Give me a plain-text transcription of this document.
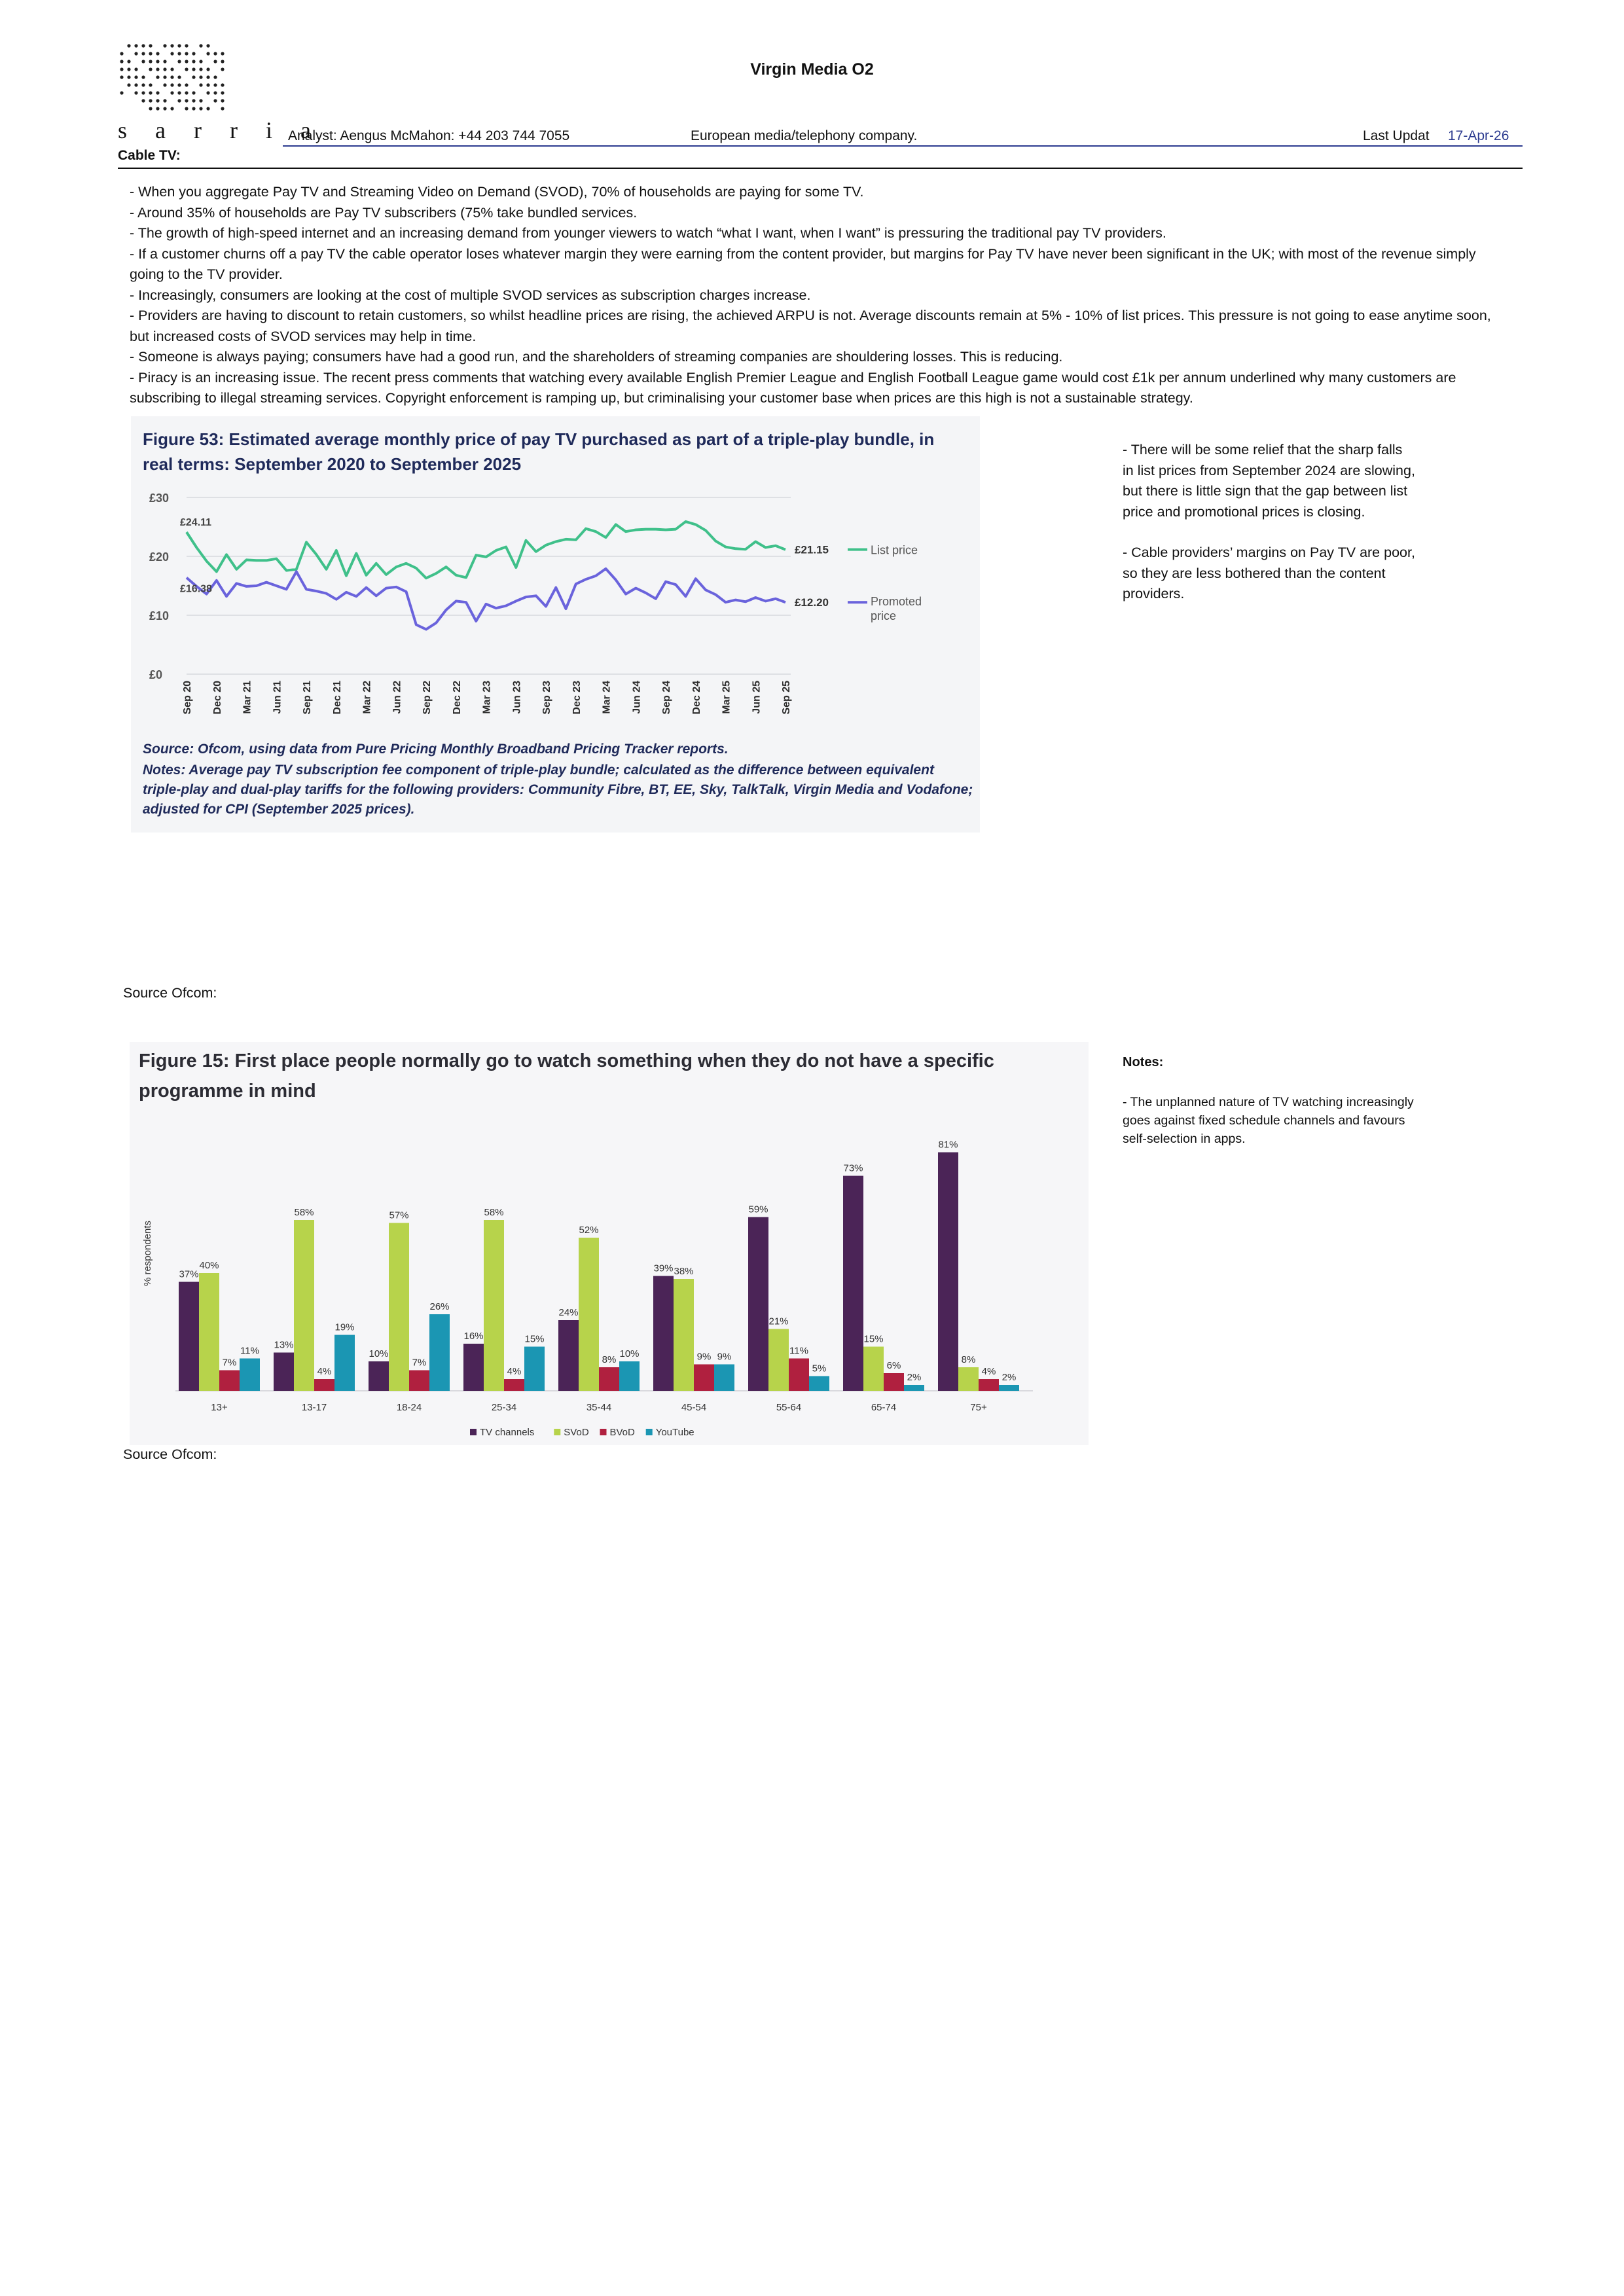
s a r r i a
Virgin Media O2
Analyst: Aengus McMahon: +44 203 744 7055	European media/telephony company.	Last Updat 17-Apr-26
Cable TV:

- When you aggregate Pay TV and Streaming Video on Demand (SVOD), 70% of households are paying for some TV.

- Around 35% of households are Pay TV subscribers (75% take bundled services.

- The growth of high-speed internet and an increasing demand from younger viewers to watch “what I want, when I want” is pressuring the traditional pay TV providers.

- If a customer churns off a pay TV the cable operator loses whatever margin they were earning from the content provider, but margins for Pay TV have never been significant in the UK; with most of the revenue simply going to the TV provider.

- Increasingly, consumers are looking at the cost of multiple SVOD services as subscription charges increase.

- Providers are having to discount to retain customers, so whilst headline prices are rising, the achieved ARPU is not. Average discounts remain at 5% - 10% of list prices. This pressure is not going to ease anytime soon, but increased costs of SVOD services may help in time.

- Someone is always paying; consumers have had a good run, and the shareholders of streaming companies are shouldering losses. This is reducing.

- Piracy is an increasing issue. The recent press comments that watching every available English Premier League and English Football League game would cost £1k per annum underlined why many customers are subscribing to illegal streaming services. Copyright enforcement is ramping up, but criminalising your customer base when prices are this high is not a sustainable strategy.

Figure 53: Estimated average monthly price of pay TV purchased as part of a triple-play bundle, in real terms: September 2020 to September 2025
£0
£10
£20
£30
Sep 20 Dec 20 Mar 21 Jun 21 Sep 21 Dec 21 Mar 22 Jun 22 Sep 22 Dec 22 Mar 23 Jun 23 Sep 23 Dec 23 Mar 24 Jun 24 Sep 24 Dec 24 Mar 25 Jun 25 Sep 25
£24.11
£21.15	List price
£16.38
£12.20	Promoted
price
Source: Ofcom, using data from Pure Pricing Monthly Broadband Pricing Tracker reports.
Notes: Average pay TV subscription fee component of triple-play bundle; calculated as the difference between equivalent triple-play and dual-play tariffs for the following providers: Community Fibre, BT, EE, Sky, TalkTalk, Virgin Media and Vodafone; adjusted for CPI (September 2025 prices).

- There will be some relief that the sharp falls in list prices from September 2024 are slowing, but there is little sign that the gap between list price and promotional prices is closing.

- Cable providers’ margins on Pay TV are poor, so they are less bothered than the content providers.

Source Ofcom:
Figure 15: First place people normally go to watch something when they do not have a specific programme in mind
% respondents	37%
40%
7%
11%
13+
13%
58%
4%
19%
13-17
10%
57%
7%
26%
18-24
16%
58%
4%
15%
25-34
24%
52%
8%
10%
35-44
39% 38%
9% 9%
45-54
59%
21%
11%
5%
55-64
73%
15%
6%
2%
65-74
81%
8%
4%
2%
75+
TV channels	SVoD BVoD YouTube
Notes:
- The unplanned nature of TV watching increasingly goes against fixed schedule channels and favours self-selection in apps.
Source Ofcom:
